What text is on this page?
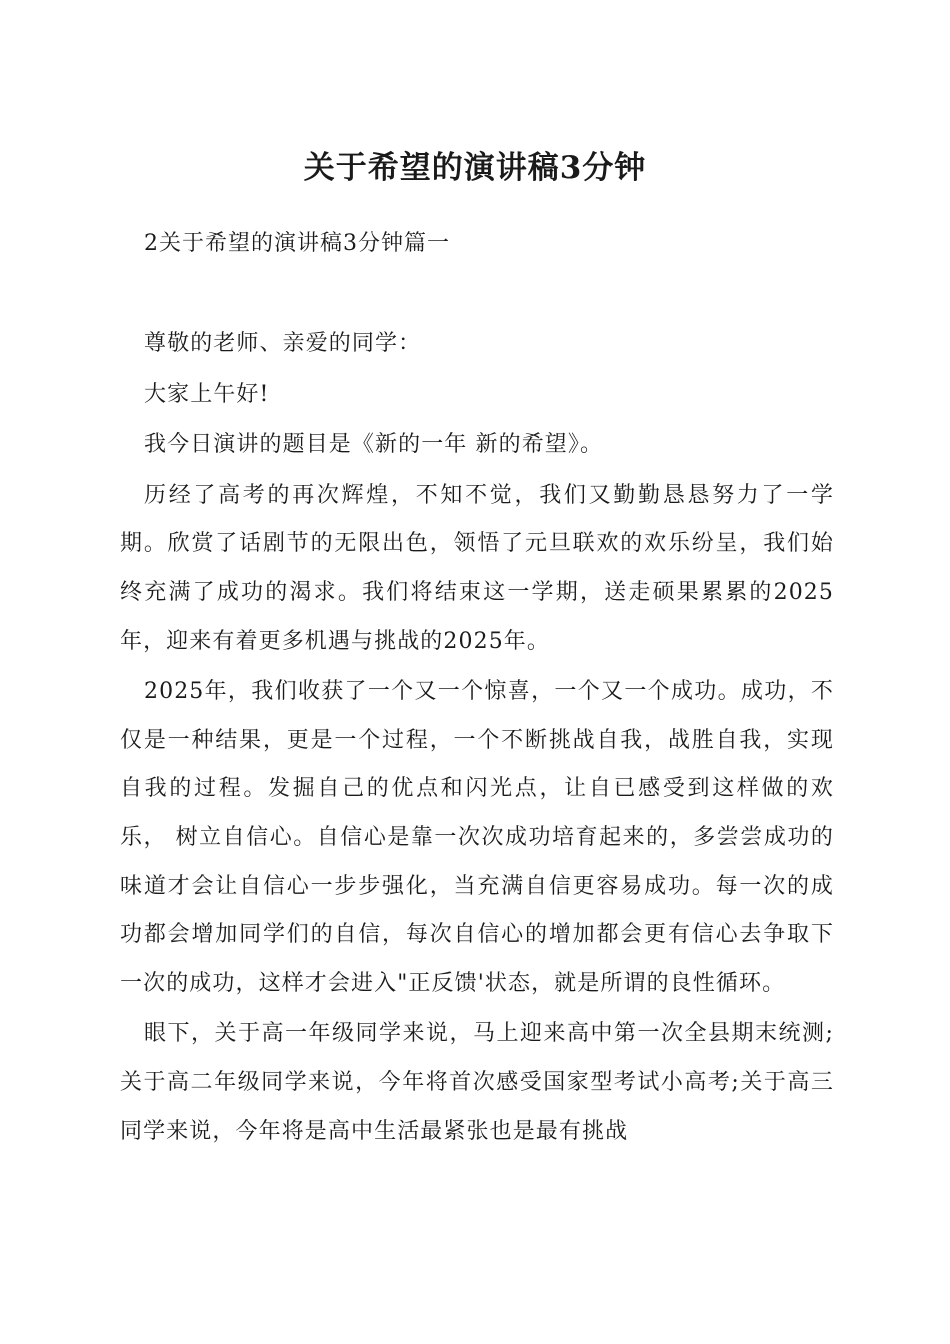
关于希望的演讲稿3分钟
2关于希望的演讲稿3分钟篇一

尊敬的老师、亲爱的同学：

大家上午好!

我今日演讲的题目是《新的一年 新的希望》。

历经了高考的再次辉煌，不知不觉，我们又勤勤恳恳努力了一学期。欣赏了话剧节的无限出色，领悟了元旦联欢的欢乐纷呈，我们始终充满了成功的渴求。我们将结束这一学期，送走硕果累累的2025年，迎来有着更多机遇与挑战的2025年。

2025年，我们收获了一个又一个惊喜，一个又一个成功。成功，不仅是一种结果，更是一个过程，一个不断挑战自我，战胜自我，实现自我的过程。发掘自己的优点和闪光点，让自已感受到这样做的欢乐， 树立自信心。自信心是靠一次次成功培育起来的，多尝尝成功的味道才会让自信心一步步强化，当充满自信更容易成功。每一次的成功都会增加同学们的自信，每次自信心的增加都会更有信心去争取下一次的成功，这样才会进入"正反馈'状态，就是所谓的良性循环。

眼下，关于高一年级同学来说，马上迎来高中第一次全县期末统测;关于高二年级同学来说，今年将首次感受国家型考试小高考;关于高三同学来说，今年将是高中生活最紧张也是最有挑战
